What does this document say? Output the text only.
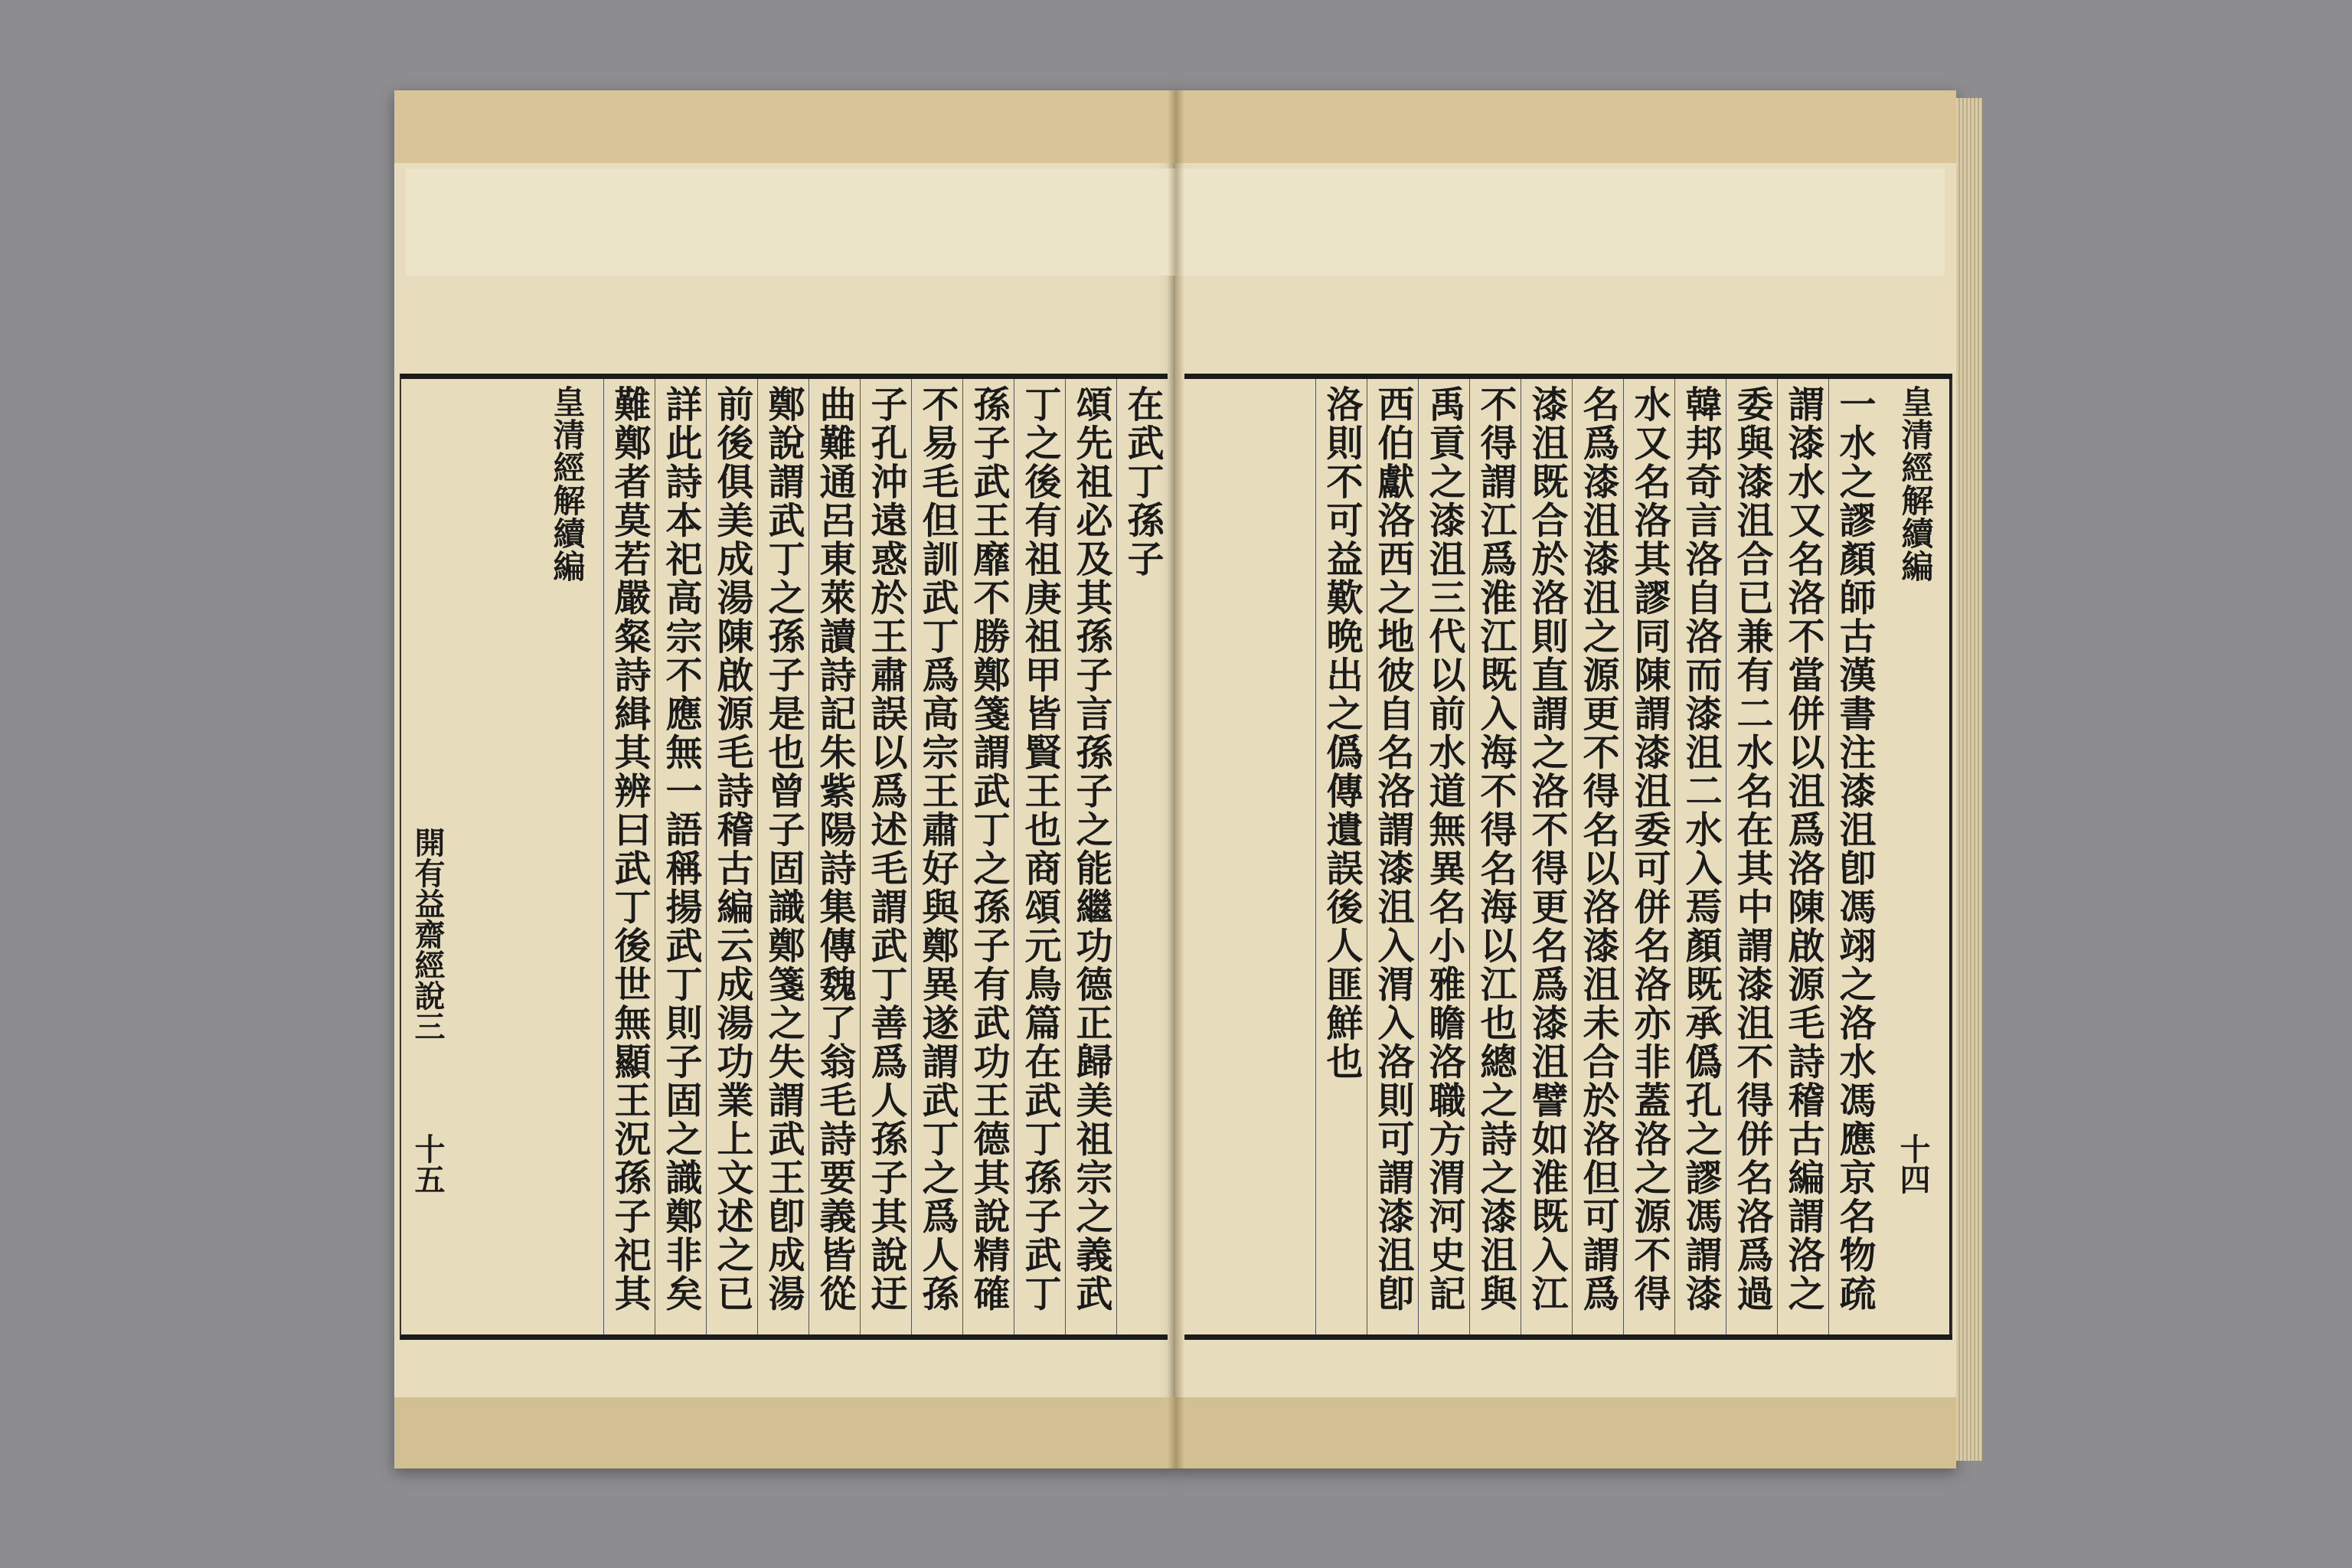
在武丁孫子
頌先祖必及其孫子言孫子之能繼功德正歸美祖宗之義武
丁之後有祖庚祖甲皆賢王也商頌元鳥篇在武丁孫子武丁
孫子武王靡不勝鄭箋謂武丁之孫子有武功王德其說精確
不易毛但訓武丁爲高宗王肅好與鄭異遂謂武丁之爲人孫
子孔沖遠惑於王肅誤以爲述毛謂武丁善爲人孫子其說迂
曲難通呂東萊讀詩記朱紫陽詩集傳魏了翁毛詩要義皆從
鄭說謂武丁之孫子是也曾子固識鄭箋之失謂武王卽成湯
前後俱美成湯陳啟源毛詩稽古編云成湯功業上文述之已
詳此詩本祀高宗不應無一語稱揚武丁則子固之識鄭非矣
難鄭者莫若嚴粲詩緝其辨曰武丁後世無顯王況孫子祀其
皇清經解續編
開有益齋經說三
十五
皇清經解續編
一水之謬顏師古漢書注漆沮卽馮翊之洛水馮應京名物疏
謂漆水又名洛不當併以沮爲洛陳啟源毛詩稽古編謂洛之
委與漆沮合已兼有二水名在其中謂漆沮不得併名洛爲過
韓邦奇言洛自洛而漆沮二水入焉顏既承僞孔之謬馮謂漆
水又名洛其謬同陳謂漆沮委可併名洛亦非蓋洛之源不得
名爲漆沮漆沮之源更不得名以洛漆沮未合於洛但可謂爲
漆沮既合於洛則直謂之洛不得更名爲漆沮譬如淮既入江
不得謂江爲淮江既入海不得名海以江也總之詩之漆沮與
禹貢之漆沮三代以前水道無異名小雅瞻洛職方渭河史記
西伯獻洛西之地彼自名洛謂漆沮入渭入洛則可謂漆沮卽
洛則不可益歎晩出之僞傳遺誤後人匪鮮也
十四
